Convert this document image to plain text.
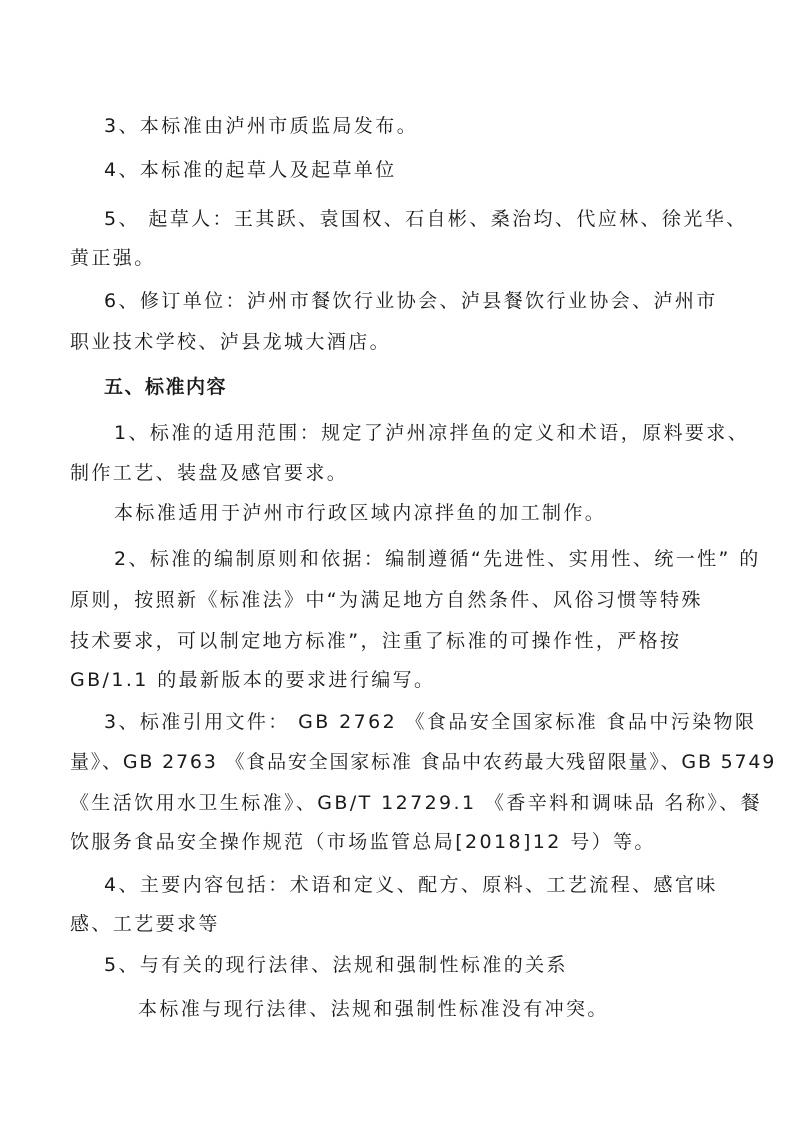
3、本标准由泸州市质监局发布。
4、本标准的起草人及起草单位
5、 起草人：王其跃、袁国权、石自彬、桑治均、代应林、徐光华、
黄正强。
6、修订单位：泸州市餐饮行业协会、泸县餐饮行业协会、泸州市
职业技术学校、泸县龙城大酒店。
五、标准内容
1、标准的适用范围：规定了泸州凉拌鱼的定义和术语，原料要求、
制作工艺、装盘及感官要求。
本标准适用于泸州市行政区域内凉拌鱼的加工制作。
2、标准的编制原则和依据：编制遵循“先进性、实用性、统一性” 的
原则，按照新《标准法》中“为满足地方自然条件、风俗习惯等特殊
技术要求，可以制定地方标准”，注重了标准的可操作性，严格按
GB/1.1 的最新版本的要求进行编写。
3、标准引用文件： GB 2762 《食品安全国家标准 食品中污染物限
量》、GB 2763 《食品安全国家标准 食品中农药最大残留限量》、GB 5749
《生活饮用水卫生标准》、GB/T 12729.1 《香辛料和调味品 名称》、餐
饮服务食品安全操作规范（市场监管总局[2018]12 号）等。
4、主要内容包括：术语和定义、配方、原料、工艺流程、感官味
感、工艺要求等
5、与有关的现行法律、法规和强制性标准的关系
本标准与现行法律、法规和强制性标准没有冲突。
